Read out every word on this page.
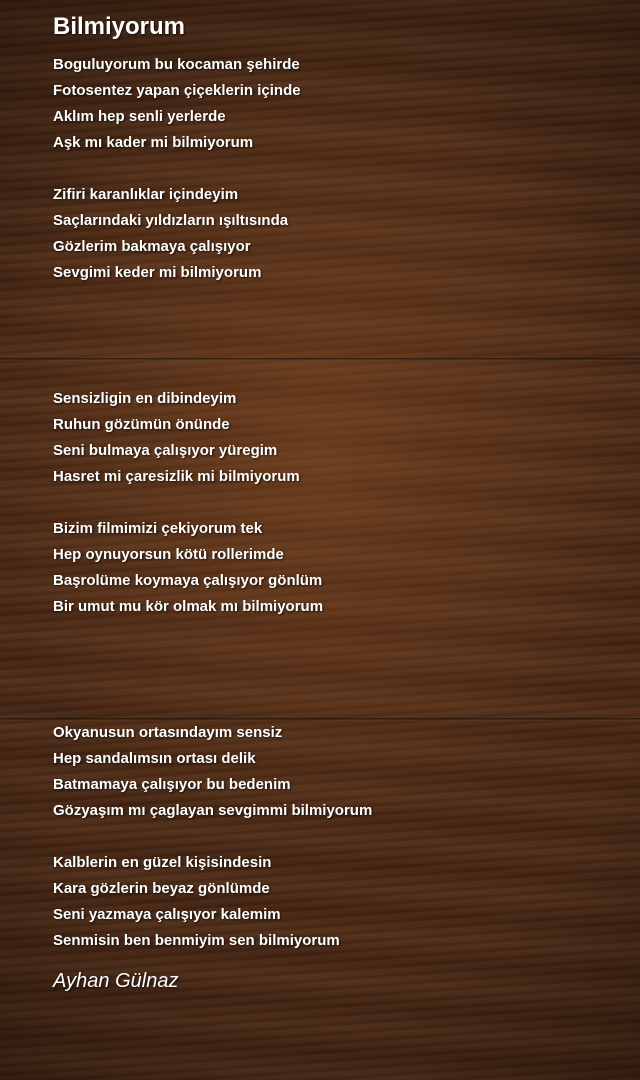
Bilmiyorum
Boguluyorum bu kocaman şehirde
Fotosentez yapan çiçeklerin içinde
Aklım hep senli yerlerde
Aşk mı kader mi bilmiyorum
Zifiri karanlıklar içindeyim
Saçlarındaki yıldızların ışıltısında
Gözlerim bakmaya çalışıyor
Sevgimi keder mi bilmiyorum
Sensizligin en dibindeyim
Ruhun gözümün önünde
Seni bulmaya çalışıyor yüregim
Hasret mi çaresizlik mi bilmiyorum
Bizim filmimizi çekiyorum tek
Hep oynuyorsun kötü rollerimde
Başrolüme koymaya çalışıyor gönlüm
Bir umut mu kör olmak mı bilmiyorum
Okyanusun ortasındayım sensiz
Hep sandalımsın ortası delik
Batmamaya çalışıyor bu bedenim
Gözyaşım mı çaglayan sevgimmi bilmiyorum
Kalblerin en güzel kişisindesin
Kara gözlerin beyaz gönlümde
Seni yazmaya çalışıyor kalemim
Senmisin ben benmiyim sen bilmiyorum
Ayhan Gülnaz
